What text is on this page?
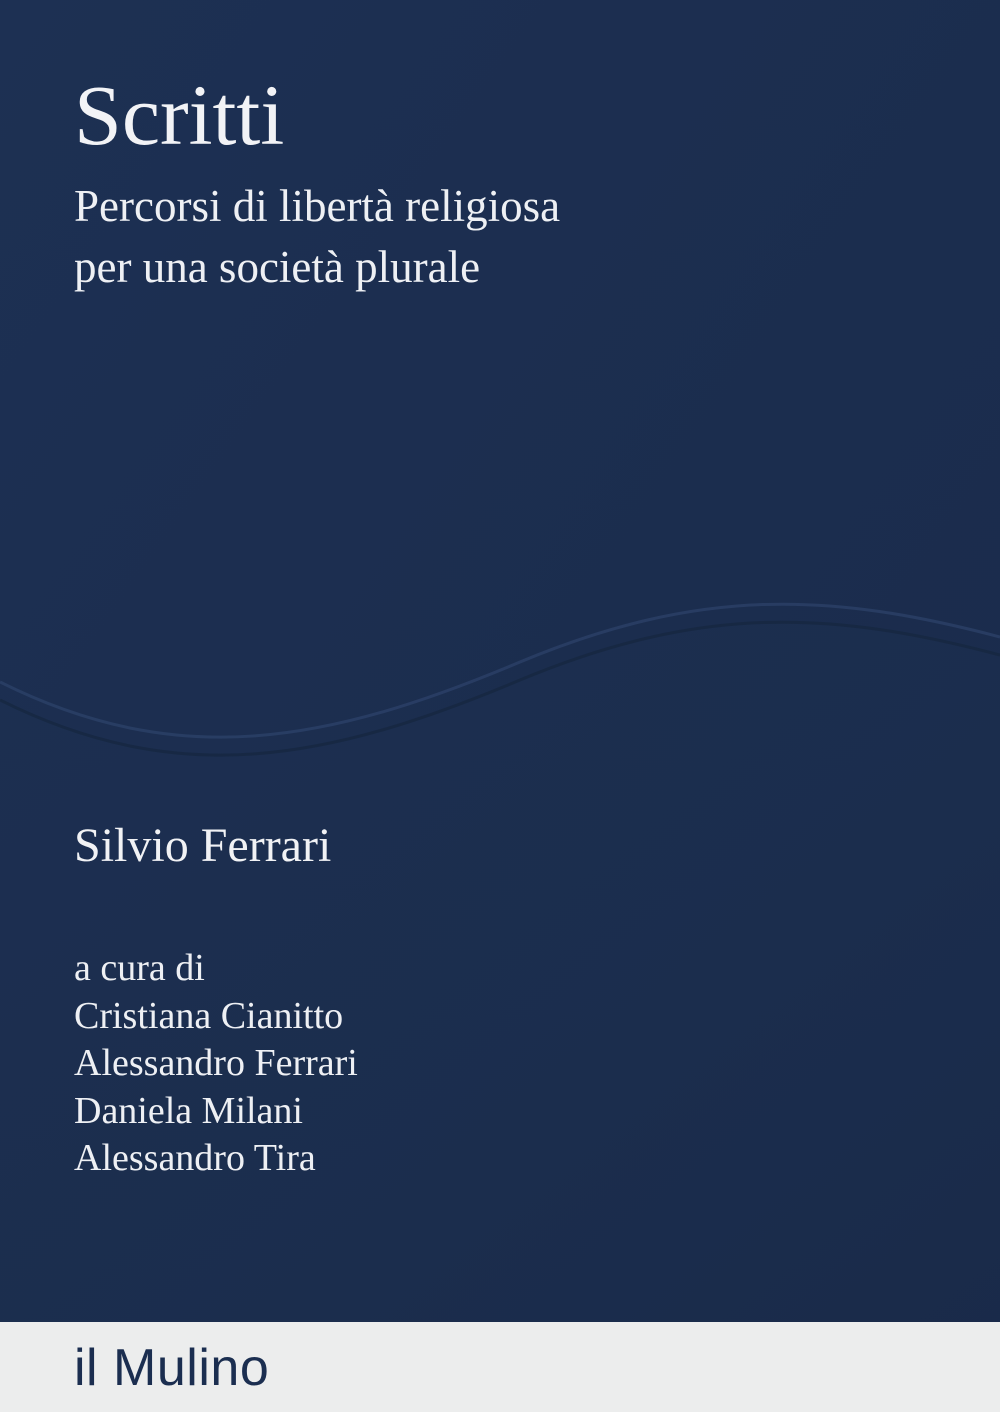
Scritti

Percorsi di libertà religiosa

per una società plurale

Silvio Ferrari
a cura di
Cristiana Cianitto
Alessandro Ferrari
Daniela Milani
Alessandro Tira
il Mulino
